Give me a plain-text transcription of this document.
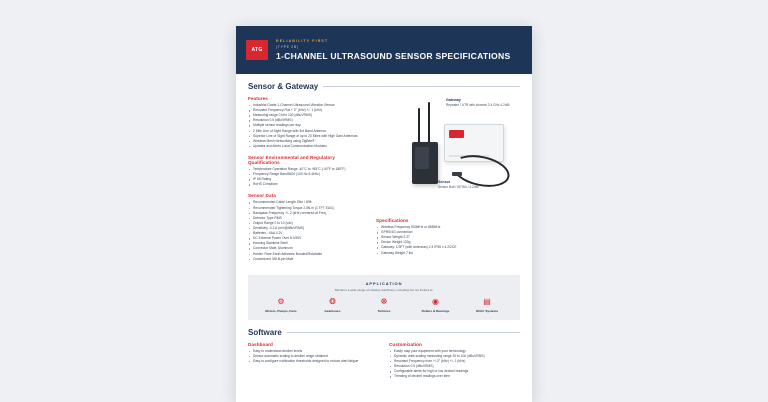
ATG
RELIABILITY FIRST
(TYPE 2B)
1-CHANNEL ULTRASOUND SENSOR SPECIFICATIONS
Sensor & Gateway
Features
Industrial Grade 1-Channel Ultrasound Vibration Sensor
Resonant Frequency Flat + 3° (kHz) +/- 1 (kHz)
Measuring range 0 kHz 100 (dBuVRMS)
Resolution 0.5 (dBuVRMS)
Multiple sensor readings per day
2 Mile Line of Sight Range with 3rd Band Antenna
Superior Line of Sight Range of up to 20 Miles with High Gain Antennas
Wireless Mesh Networking using ZigBee®
Updates and Alerts Local Communication Modules
Sensor Environmental and Regulatory Qualifications
Temperature Operation Range -40°C to +85°C (-40°F to 185°F)
Frequency Range Band5400 (100 Hz 8.4kHz)
IP 65 Rating
RoHS Compliant
Sensor Data
Recommended Cable Length 25m / 80ft
Recommended Tightening Torque 2.5N.m (1 TFT EA/C)
Bandpass Frequency +/- 2 (kHz) centered at Freq.
Detector Type RMS
Output Range 0 to 10 (vdc)
Sensitivity -0.2 A (mV@dBuVRMS)
Batteries : 4AA 4.2V
DC External Power Over 8.0/30V
Housing Stainless Steel
Connector Male, Aluminum
Holder: Rare Earth Adhesive Bonded/Rotatable
Customized: M8 B-pin Male
Gateway
Repeater / UTR with channel 2.4 GHz 4.2dBi
Sensor
Sensor Bolt / 50°Wh / 4.2dBi
Specifications
Wireless Frequency 900MHz or 868MHz
GPRS/4G connection
Sensor Weight 2.27
Device Weight 120g
Gateway: 1/3FT (with antennas) 2.4 IP56 x 4.2/2CE
Gateway Weight 7 lbs
APPLICATION
Monitors a wide range of rotating machinery, including but not limited to:
⚙
Motors, Pumps, Fans
❂
Gearboxes
☸
Turbines
◉
Rollers & Bearings
▤
HVAC Systems
Software
Dashboard
Easy to understand decibel levels
Sensor automatic scaling to decibel range obtained
Easy to configure notification thresholds designed to reduce alert fatigue
Customization
Easily map your equipment with your terminology
Dynamic units scaling measuring range 20 to 100 (dBuVRMS)
Resonant Frequency from +/-3° (kHz) +/- 1 (kHz)
Resolution 0.5 (dBuVRMS)
Configurable alerts for high or low decibel readings
Trending of decibel readings over time
